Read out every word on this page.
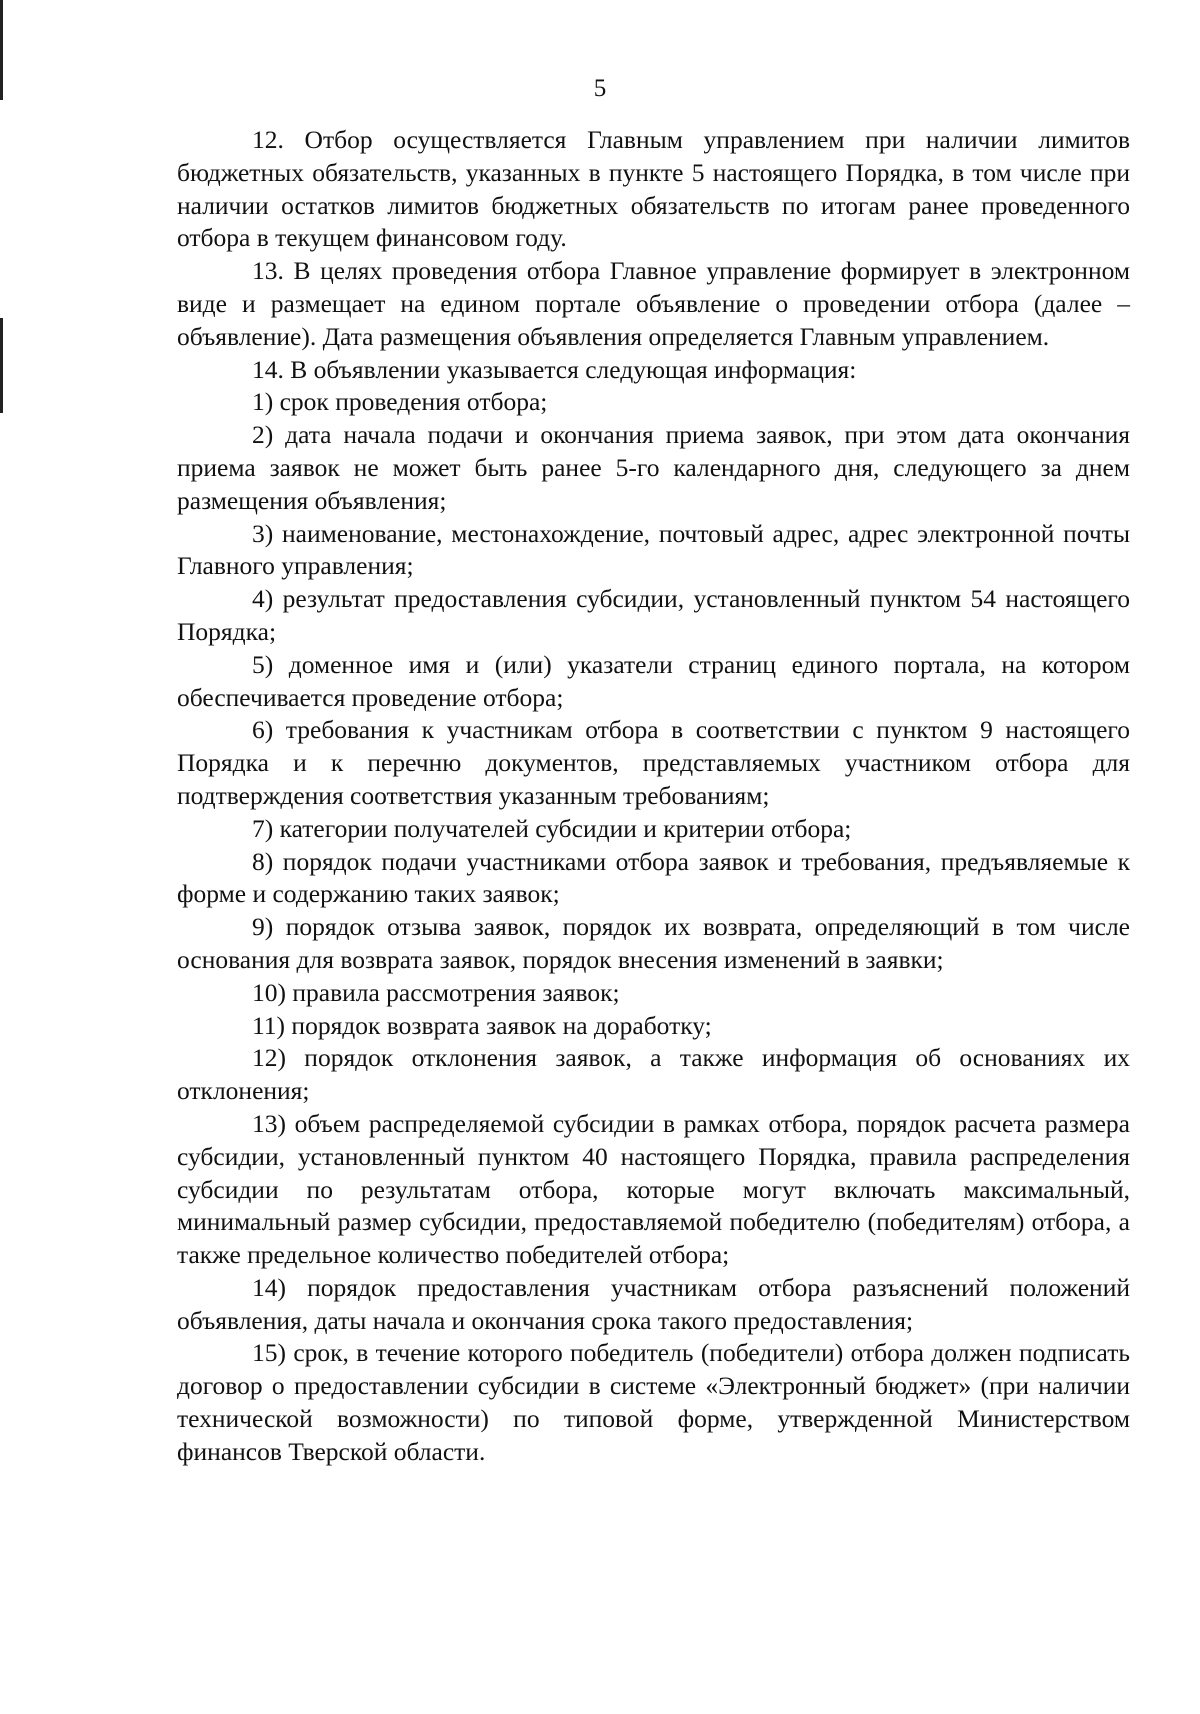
5

12. Отбор осуществляется Главным управлением при наличии лимитов бюджетных обязательств, указанных в пункте 5 настоящего Порядка, в том числе при наличии остатков лимитов бюджетных обязательств по итогам ранее проведенного отбора в текущем финансовом году.

13. В целях проведения отбора Главное управление формирует в электронном виде и размещает на едином портале объявление о проведении отбора (далее – объявление). Дата размещения объявления определяется Главным управлением.

14. В объявлении указывается следующая информация:

1) срок проведения отбора;

2) дата начала подачи и окончания приема заявок, при этом дата окончания приема заявок не может быть ранее 5-го календарного дня, следующего за днем размещения объявления;

3) наименование, местонахождение, почтовый адрес, адрес электронной почты Главного управления;

4) результат предоставления субсидии, установленный пунктом 54 настоящего Порядка;

5) доменное имя и (или) указатели страниц единого портала, на котором обеспечивается проведение отбора;

6) требования к участникам отбора в соответствии с пунктом 9 настоящего Порядка и к перечню документов, представляемых участником отбора для подтверждения соответствия указанным требованиям;

7) категории получателей субсидии и критерии отбора;

8) порядок подачи участниками отбора заявок и требования, предъявляемые к форме и содержанию таких заявок;

9) порядок отзыва заявок, порядок их возврата, определяющий в том числе основания для возврата заявок, порядок внесения изменений в заявки;

10) правила рассмотрения заявок;

11) порядок возврата заявок на доработку;

12) порядок отклонения заявок, а также информация об основаниях их отклонения;

13) объем распределяемой субсидии в рамках отбора, порядок расчета размера субсидии, установленный пунктом 40 настоящего Порядка, правила распределения субсидии по результатам отбора, которые могут включать максимальный, минимальный размер субсидии, предоставляемой победителю (победителям) отбора, а также предельное количество победителей отбора;

14) порядок предоставления участникам отбора разъяснений положений объявления, даты начала и окончания срока такого предоставления;

15) срок, в течение которого победитель (победители) отбора должен подписать договор о предоставлении субсидии в системе «Электронный бюджет» (при наличии технической возможности) по типовой форме, утвержденной Министерством финансов Тверской области.
